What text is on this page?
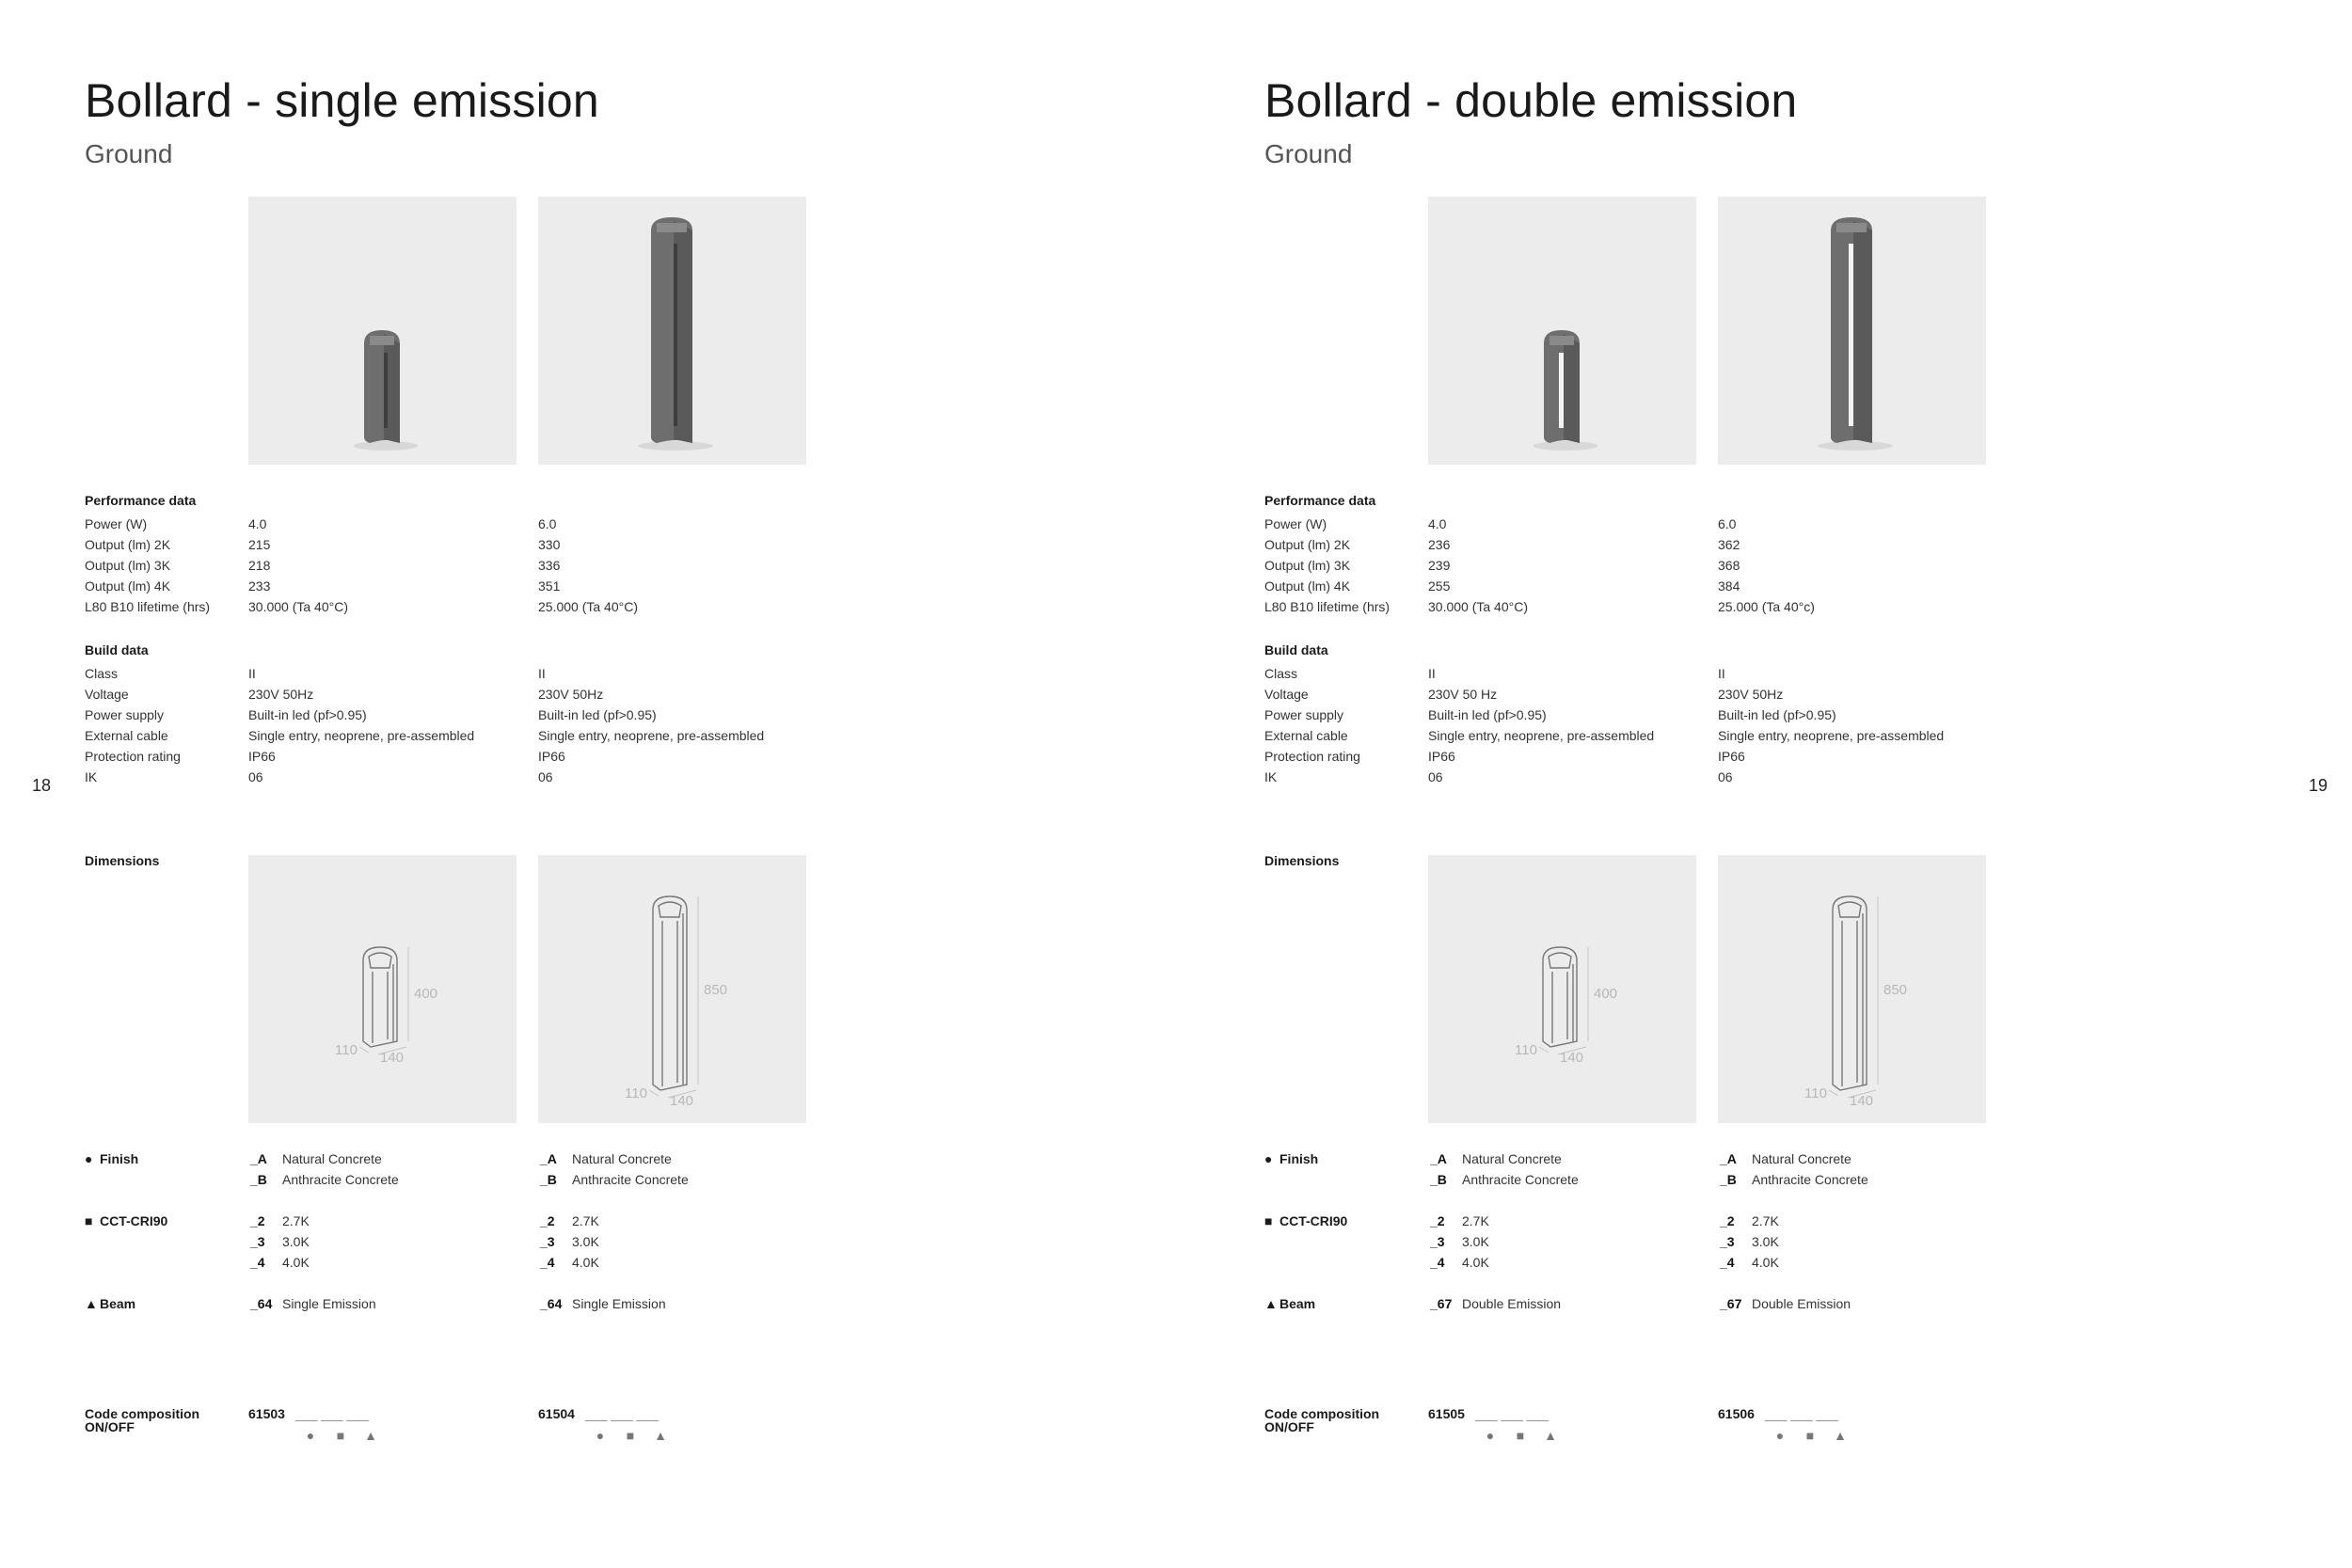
Bollard - single emission
Ground
Performance data
Power (W)	4.0	6.0
Output (lm) 2K	215	330
Output (lm) 3K	218	336
Output (lm) 4K	233	351
L80 B10 lifetime (hrs)	30.000 (Ta 40°C)	25.000 (Ta 40°C)
Build data
Class	II	II
Voltage	230V 50Hz	230V 50Hz
Power supply	Built-in led (pf>0.95)	Built-in led (pf>0.95)
External cable	Single entry, neoprene, pre-assembled	Single entry, neoprene, pre-assembled
Protection rating	IP66	IP66
IK	06	06
Dimensions
400
110 140
850
110 140
● Finish	_A Natural Concrete	_A Natural Concrete
_B Anthracite Concrete	_B Anthracite Concrete
■ CCT-CRI90	_2 2.7K	_2 2.7K
_3 3.0K	_3 3.0K
_4 4.0K	_4 4.0K
▲ Beam	_64 Single Emission	_64 Single Emission
Code composition
ON/OFF
61503 ___ ___ ___
● ■ ▲
61504 ___ ___ ___
● ■ ▲
18
Bollard - double emission
Ground
Performance data
Power (W)	4.0	6.0
Output (lm) 2K	236	362
Output (lm) 3K	239	368
Output (lm) 4K	255	384
L80 B10 lifetime (hrs)	30.000 (Ta 40°C)	25.000 (Ta 40°c)
Build data
Class	II	II
Voltage	230V 50 Hz	230V 50Hz
Power supply	Built-in led (pf>0.95)	Built-in led (pf>0.95)
External cable	Single entry, neoprene, pre-assembled	Single entry, neoprene, pre-assembled
Protection rating	IP66	IP66
IK	06	06
Dimensions
400
110 140
850
110 140
● Finish	_A Natural Concrete	_A Natural Concrete
_B Anthracite Concrete	_B Anthracite Concrete
■ CCT-CRI90	_2 2.7K	_2 2.7K
_3 3.0K	_3 3.0K
_4 4.0K	_4 4.0K
▲ Beam	_67 Double Emission	_67 Double Emission
Code composition
ON/OFF
61505 ___ ___ ___
● ■ ▲
61506 ___ ___ ___
● ■ ▲
19
